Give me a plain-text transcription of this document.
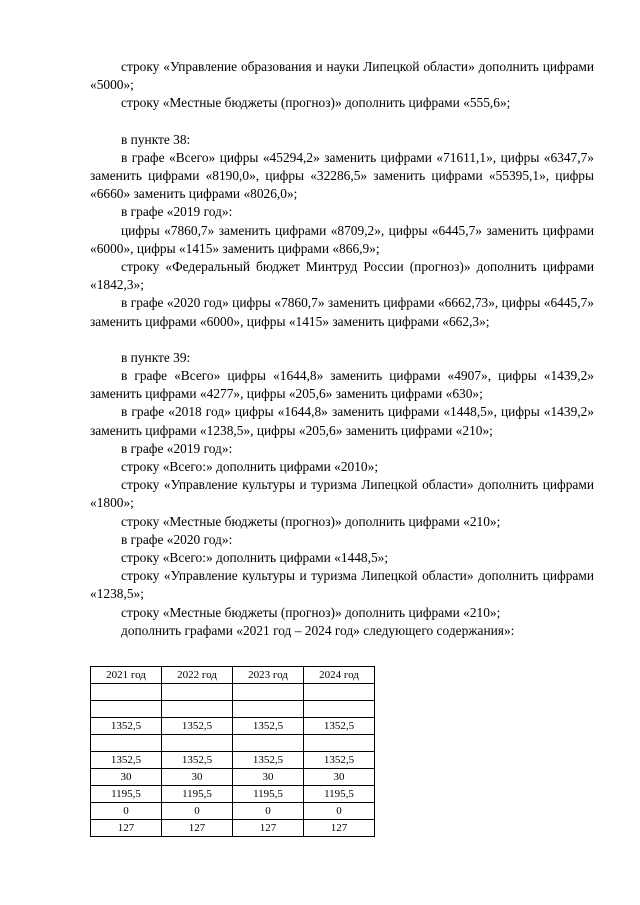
строку «Управление образования и науки Липецкой области» дополнить цифрами «5000»;

строку «Местные бюджеты (прогноз)» дополнить цифрами «555,6»;

в пункте 38:

в графе «Всего» цифры «45294,2» заменить цифрами «71611,1», цифры «6347,7» заменить цифрами «8190,0», цифры «32286,5» заменить цифрами «55395,1», цифры «6660» заменить цифрами «8026,0»;

в графе «2019 год»:

цифры «7860,7» заменить цифрами «8709,2», цифры «6445,7» заменить цифрами «6000», цифры «1415» заменить цифрами «866,9»;

строку «Федеральный бюджет Минтруд России (прогноз)» дополнить цифрами «1842,3»;

в графе «2020 год» цифры «7860,7» заменить цифрами «6662,73», цифры «6445,7» заменить цифрами «6000», цифры «1415» заменить цифрами «662,3»;

в пункте 39:

в графе «Всего» цифры «1644,8» заменить цифрами «4907», цифры «1439,2» заменить цифрами «4277», цифры «205,6» заменить цифрами «630»;

в графе «2018 год» цифры «1644,8» заменить цифрами «1448,5», цифры «1439,2» заменить цифрами «1238,5», цифры «205,6» заменить цифрами «210»;

в графе «2019 год»:

строку «Всего:» дополнить цифрами «2010»;

строку «Управление культуры и туризма Липецкой области» дополнить цифрами «1800»;

строку «Местные бюджеты (прогноз)» дополнить цифрами «210»;

в графе «2020 год»:

строку «Всего:» дополнить цифрами «1448,5»;

строку «Управление культуры и туризма Липецкой области» дополнить цифрами «1238,5»;

строку «Местные бюджеты (прогноз)» дополнить цифрами «210»;

дополнить графами «2021 год – 2024 год» следующего содержания»:

2021 год	2022 год	2023 год	2024 год

1352,5	1352,5	1352,5	1352,5

1352,5	1352,5	1352,5	1352,5
30	30	30	30
1195,5	1195,5	1195,5	1195,5
0	0	0	0
127	127	127	127
